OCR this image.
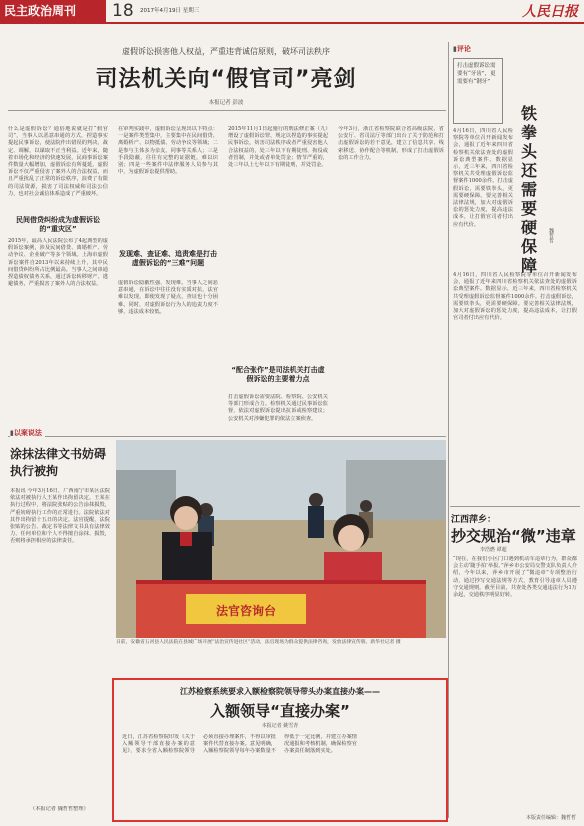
民主政治周刊	18 2017年4月19日 星期三	人民日报
虚假诉讼损害他人权益，严重违背诚信原则，破坏司法秩序
司法机关向“假官司”亮剑
本报记者 彭波
什么是虚假诉讼？通俗地说就是打“假官司”，当事人以恶意串通的方式，捏造事实提起民事诉讼，使法院作出错误的判决、裁定、调解，以谋取不正当利益。近年来，随着市场化和经济的快速发展，民商事诉讼案件数量大幅增加，虚假诉讼有所蔓延。虚假诉讼不仅严重侵害了案外人的合法权益，而且严重扰乱了正常的诉讼秩序，浪费了有限的司法资源，损害了司法权威和司法公信力，也对社会诚信体系造成了严重破坏。
民间借贷纠纷成为虚假诉讼的“重灾区”
2015年，最高人民法院公布了4起典型的虚假诉讼案例，涉及民间借贷、离婚析产、劳动争议、企业破产等多个领域。上海市虚假诉讼案件自2013年以来持续上升，其中民间借贷纠纷所占比例最高。当事人之间串通捏造债权债务关系，通过诉讼转移财产、逃避债务，严重损害了案外人的合法权益。
在审判实践中，虚假诉讼呈现出以下特点：一是案件类型集中，主要集中在民间借贷、离婚析产、以物抵债、劳动争议等领域；二是参与主体多为亲友、同事等关系人；三是手段隐蔽，往往有完整的证据链，难以识别；四是一些案件中法律服务人员参与其中，为虚假诉讼提供帮助。
发现难、查证难、追责难是打击虚假诉讼的“三难”问题
虚假诉讼隐蔽性强、发现难。当事人之间恶意串通，在诉讼中往往没有实质对抗，法官难以发现。即使发现了疑点，查证也十分困难。同时，对虚假诉讼行为人的追责力度不够，违法成本较低。
2015年11月1日起施行的刑法修正案（九）增设了虚假诉讼罪，规定以捏造的事实提起民事诉讼，妨害司法秩序或者严重侵害他人合法权益的，处三年以下有期徒刑、拘役或者管制，并处或者单处罚金；情节严重的，处三年以上七年以下有期徒刑，并处罚金。
“配合张作”是司法机关打击虚假诉讼的主要着力点
打击虚假诉讼需要法院、检察院、公安机关等部门形成合力。检察机关通过民事诉讼监督，依法对虚假诉讼提出抗诉或检察建议；公安机关对涉嫌犯罪的依法立案侦查。
今年3月，浙江省检察院联合省高级法院、省公安厅、省司法厅等部门出台了关于防范和打击虚假诉讼的若干意见，建立了信息共享、线索移送、协作配合等机制，形成了打击虚假诉讼的工作合力。
▮评论
打击虚假诉讼需要有“牙齿”，更需要有“钢牙”
铁拳头还需要硬保障
魏哲哲
4月16日，四川省人民检察院等单位召开新闻发布会，通报了近年来四川省检察机关依法查处的虚假诉讼典型案件。数据显示，近三年来，四川省检察机关共受理虚假诉讼监督案件1000余件。打击虚假诉讼，需要铁拳头，更需要硬保障。要完善相关法律法规，加大对虚假诉讼的惩处力度，提高违法成本，让打假官司者付出应有代价。
4月16日，四川省人民检察院等单位召开新闻发布会，通报了近年来四川省检察机关依法查处的虚假诉讼典型案件。数据显示，近三年来，四川省检察机关共受理虚假诉讼监督案件1000余件。打击虚假诉讼，需要铁拳头，更需要硬保障。要完善相关法律法规，加大对虚假诉讼的惩处力度，提高违法成本，让打假官司者付出应有代价。
江西萍乡：
抄交规治“微”违章
李浩燃 谭超
“现在，在我们小区门口遇到机动车违章行为，群众都会主动‘随手拍’举报。”萍乡市公安局交警支队负责人介绍，今年以来，萍乡市开展了“微违章”专项整治行动，通过抄写交通法规等方式，教育引导违章人员遵守交通规则。截至目前，共查处各类交通违法行为1万余起，交通秩序明显好转。
▮以案说法
涂抹法律文书妨碍执行被拘
本报讯 今年3月16日，广西南宁市某区法院依法对被执行人王某作出拘留决定。王某在执行过程中，将法院张贴的公告涂抹损毁，严重妨碍执行工作的正常进行。法院依法对其作出拘留十五日的决定。法官提醒，法院张贴的公告、裁定书等法律文书具有法律效力，任何单位和个人不得擅自涂抹、损毁，否则将承担相应的法律责任。
（本报记者 魏哲哲整理）
法官咨询台
日前，安徽省五河县人民法院在县城广场开展“法治宣传进社区”活动，法官现场为群众提供法律咨询，发放法律宣传册。新华社记者 摄
江苏检察系统要求入额检察院领导带头办案直接办案——
入额领导“直接办案”
本报记者 姚雪青
近日，江苏省检察院印发《关于入额领导干部直接办案的意见》，要求全省入额检察院领导必须直接办理案件，不得以审批案件代替直接办案。意见明确，入额检察院领导每年办案数量不得低于一定比例，并建立办案情况通报和考核机制，确保检察官办案责任制落到实处。
本版责任编辑：魏哲哲
